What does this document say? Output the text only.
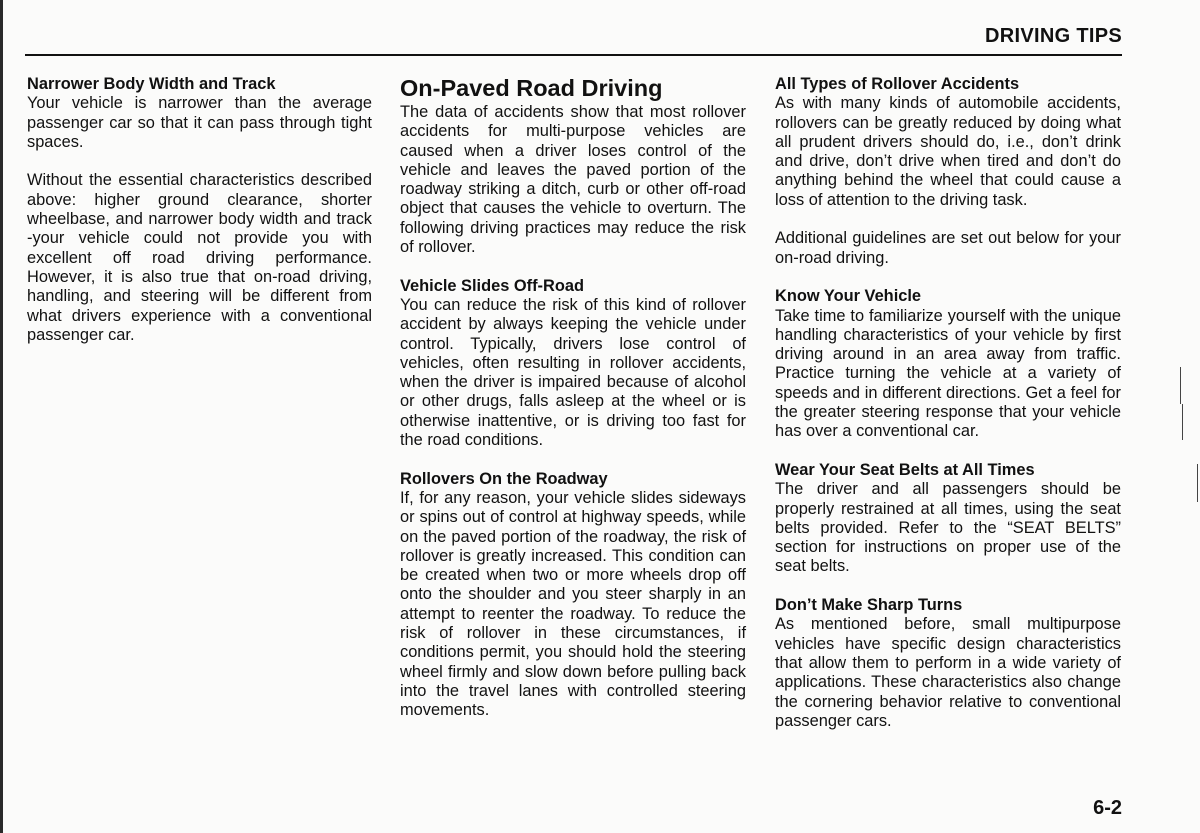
DRIVING TIPS
Narrower Body Width and Track

Your vehicle is narrower than the average passenger car so that it can pass through tight spaces.

Without the essential characteristics described above: higher ground clearance, shorter wheelbase, and narrower body width and track -your vehicle could not provide you with excellent off road driving performance. However, it is also true that on-road driving, handling, and steering will be different from what drivers experience with a conventional passenger car.

On-Paved Road Driving

The data of accidents show that most rollover accidents for multi-purpose vehicles are caused when a driver loses control of the vehicle and leaves the paved portion of the roadway striking a ditch, curb or other off-road object that causes the vehicle to overturn. The following driving practices may reduce the risk of rollover.

Vehicle Slides Off-Road

You can reduce the risk of this kind of rollover accident by always keeping the vehicle under control. Typically, drivers lose control of vehicles, often resulting in rollover accidents, when the driver is impaired because of alcohol or other drugs, falls asleep at the wheel or is otherwise inattentive, or is driving too fast for the road conditions.

Rollovers On the Roadway

If, for any reason, your vehicle slides sideways or spins out of control at highway speeds, while on the paved portion of the roadway, the risk of rollover is greatly increased. This condition can be created when two or more wheels drop off onto the shoulder and you steer sharply in an attempt to reenter the roadway. To reduce the risk of rollover in these circumstances, if conditions permit, you should hold the steering wheel firmly and slow down before pulling back into the travel lanes with controlled steering movements.

All Types of Rollover Accidents

As with many kinds of automobile accidents, rollovers can be greatly reduced by doing what all prudent drivers should do, i.e., don’t drink and drive, don’t drive when tired and don’t do anything behind the wheel that could cause a loss of attention to the driving task.

Additional guidelines are set out below for your on-road driving.

Know Your Vehicle

Take time to familiarize yourself with the unique handling characteristics of your vehicle by first driving around in an area away from traffic. Practice turning the vehicle at a variety of speeds and in different directions. Get a feel for the greater steering response that your vehicle has over a conventional car.

Wear Your Seat Belts at All Times

The driver and all passengers should be properly restrained at all times, using the seat belts provided. Refer to the “SEAT BELTS” section for instructions on proper use of the seat belts.

Don’t Make Sharp Turns

As mentioned before, small multipurpose vehicles have specific design characteristics that allow them to perform in a wide variety of applications. These characteristics also change the cornering behavior relative to conventional passenger cars.

6-2
